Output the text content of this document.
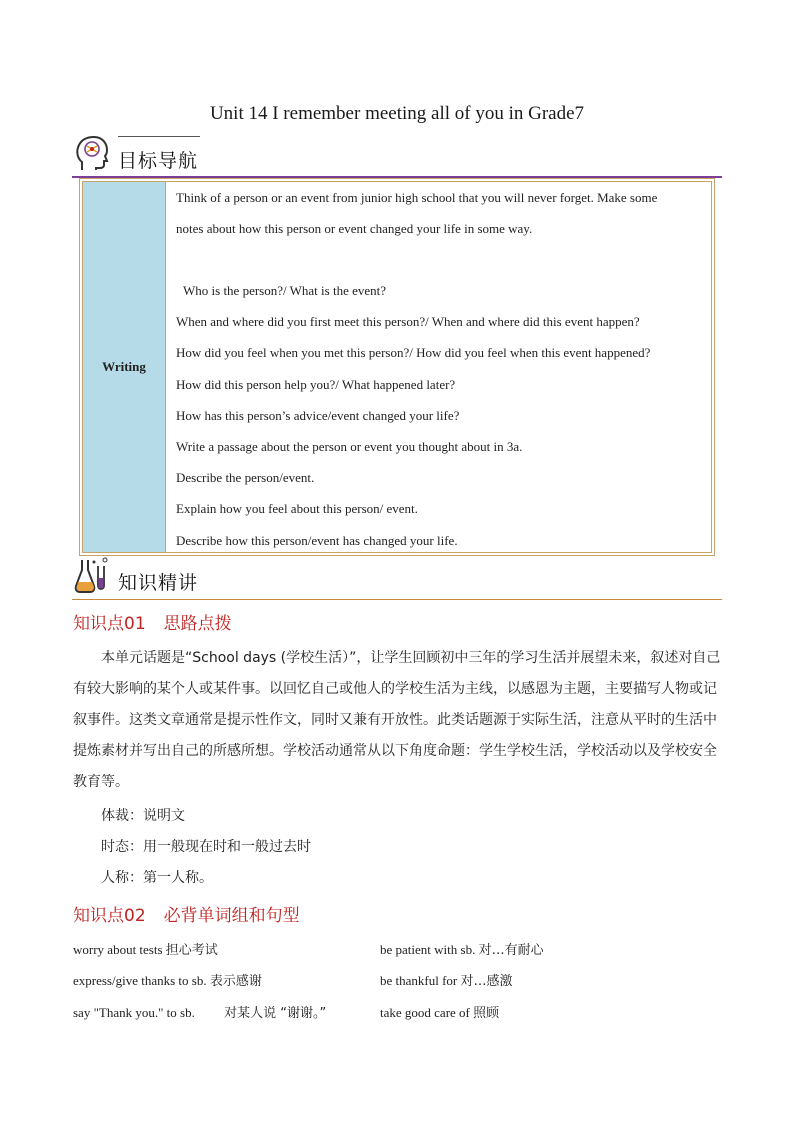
Unit 14 I remember meeting all of you in Grade7
目标导航
Writing
Think of a person or an event from junior high school that you will never forget. Make some
notes about how this person or event changed your life in some way.
Who is the person?/ What is the event?
When and where did you first meet this person?/ When and where did this event happen?
How did you feel when you met this person?/ How did you feel when this event happened?
How did this person help you?/ What happened later?
How has this person’s advice/event changed your life?
Write a passage about the person or event you thought about in 3a.
Describe the person/event.
Explain how you feel about this person/ event.
Describe how this person/event has changed your life.
知识精讲
知识点01 思路点拨
本单元话题是“School days (学校生活）”，让学生回顾初中三年的学习生活并展望未来，叙述对自己有较大影响的某个人或某件事。以回忆自己或他人的学校生活为主线，以感恩为主题，主要描写人物或记叙事件。这类文章通常是提示性作文，同时又兼有开放性。此类话题源于实际生活，注意从平时的生活中提炼素材并写出自己的所感所想。学校活动通常从以下角度命题：学生学校生活，学校活动以及学校安全教育等。
体裁：说明文
时态：用一般现在时和一般过去时
人称：第一人称。
知识点02 必背单词组和句型
worry about tests 担心考试	be patient with sb. 对…有耐心
express/give thanks to sb. 表示感谢	be thankful for 对…感激
say "Thank you." to sb. 对某人说 “谢谢。”	take good care of 照顾
